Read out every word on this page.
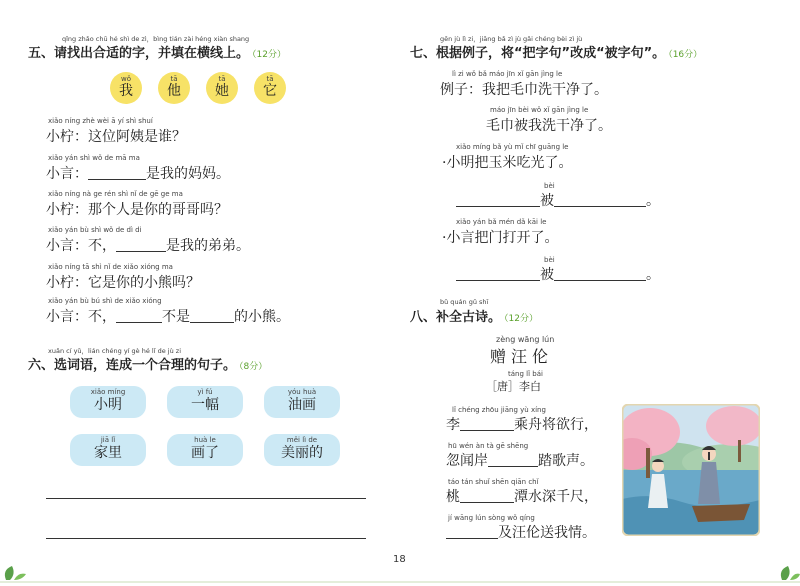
qǐng zhǎo chū hé shì de zì，bìng tián zài héng xiàn shang
五、请找出合适的字，并填在横线上。 （12分）
wǒ
我
tā
他
tā
她
tā
它
xiǎo níng zhè wèi ā yí shì shuí
小柠：这位阿姨是谁？
xiǎo yán shì wǒ de mā ma
小言：	是我的妈妈。
xiǎo níng nà ge rén shì nǐ de gē ge ma
小柠：那个人是你的哥哥吗？
xiǎo yán bù shì wǒ de dì di
小言：不，	是我的弟弟。
xiǎo níng tā shì nǐ de xiǎo xióng ma
小柠：它是你的小熊吗？
xiǎo yán bù bú shì de xiǎo xióng
小言：不，	不是	的小熊。
xuǎn cí yǔ，lián chéng yí gè hé lǐ de jù zi
六、选词语，连成一个合理的句子。 （8分）
xiǎo míng
小明
yì fú
一幅
yóu huà
油画
jiā lǐ
家里
huà le
画了
měi lì de
美丽的
gēn jù lì zi，jiāng bǎ zì jù gǎi chéng bèi zì jù
七、根据例子，将“把字句”改成“被字句”。 （16分）
lì zi wǒ bǎ máo jīn xǐ gān jìng le
例子：我把毛巾洗干净了。
máo jīn bèi wǒ xǐ gān jìng le
毛巾被我洗干净了。
xiǎo míng bǎ yù mǐ chī guāng le
·小明把玉米吃光了。
bèi
被	。
xiǎo yán bǎ mén dǎ kāi le
·小言把门打开了。
bèi
被	。
bǔ quán gǔ shī
八、补全古诗。 （12分）
zèng wāng lún
赠汪伦
táng lǐ bái
［唐］李白
lǐ chéng zhōu jiāng yù xíng
李	乘舟将欲行，
hū wén àn tà gē shēng
忽闻岸	踏歌声。
táo tán shuǐ shēn qiān chǐ
桃	潭水深千尺，
jí wāng lún sòng wǒ qíng
及汪伦送我情。
18
